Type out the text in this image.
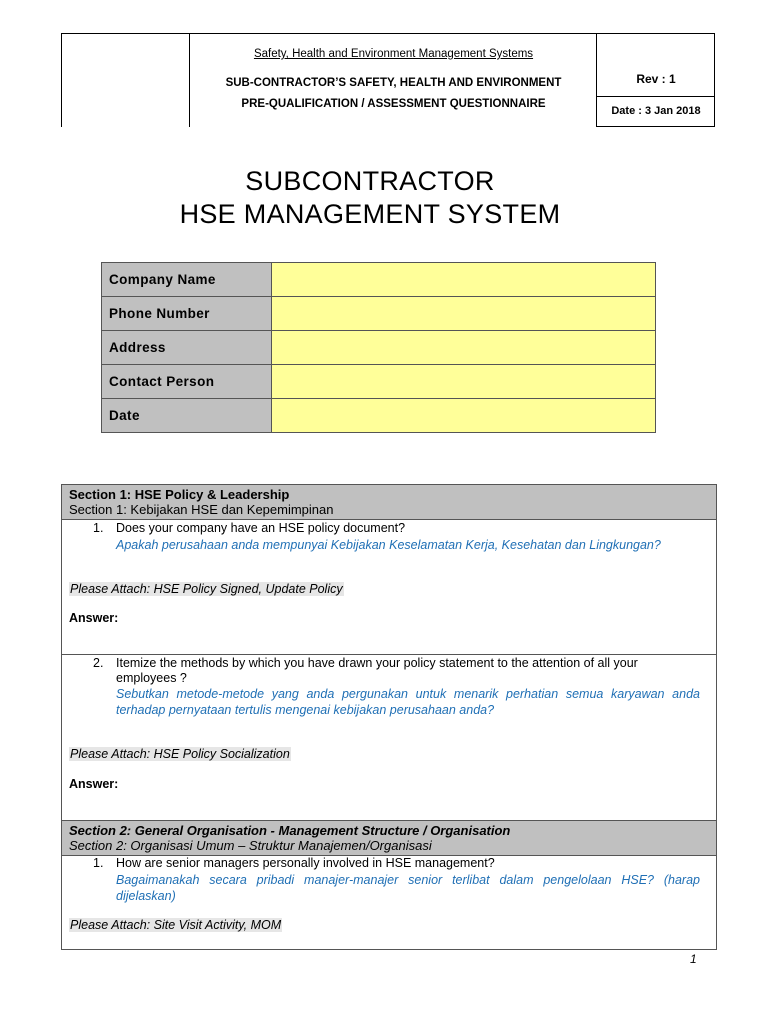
Safety, Health and Environment Management Systems
SUB-CONTRACTOR’S SAFETY, HEALTH AND ENVIRONMENT
PRE-QUALIFICATION / ASSESSMENT QUESTIONNAIRE
Rev : 1
Date : 3 Jan 2018
SUBCONTRACTOR
HSE MANAGEMENT SYSTEM
Company Name	
Phone Number	
Address	
Contact Person	
Date	
Section 1: HSE Policy & Leadership
Section 1: Kebijakan HSE dan Kepemimpinan
1. Does your company have an HSE policy document?
Apakah perusahaan anda mempunyai Kebijakan Keselamatan Kerja, Kesehatan dan Lingkungan?
Please Attach: HSE Policy Signed, Update Policy
Answer:
2. Itemize the methods by which you have drawn your policy statement to the attention of all your employees ?
Sebutkan metode-metode yang anda pergunakan untuk menarik perhatian semua karyawan anda terhadap pernyataan tertulis mengenai kebijakan perusahaan anda?
Please Attach: HSE Policy Socialization
Answer:
Section 2: General Organisation - Management Structure / Organisation
Section 2: Organisasi Umum – Struktur Manajemen/Organisasi
1. How are senior managers personally involved in HSE management?
Bagaimanakah secara pribadi manajer-manajer senior terlibat dalam pengelolaan HSE? (harap dijelaskan)
Please Attach: Site Visit Activity, MOM
1
